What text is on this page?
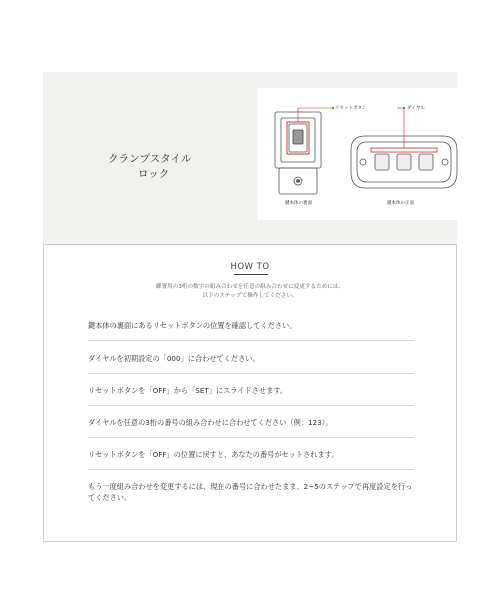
クランプスタイル
ロック
リセットボタン	ダイヤル
鍵本体の裏面	鍵本体の正面
HOW TO
御署用の3桁の数字の組み合わせを任意の組み合わせに変更するためには、
以下のステップで操作してください。
鍵本体の裏面にあるリセットボタンの位置を確認してください。
ダイヤルを初期設定の「000」に合わせてください。
リセットボタンを「OFF」から「SET」にスライドさせます。
ダイヤルを任意の3桁の番号の組み合わせに合わせてください（例：123）。
リセットボタンを「OFF」の位置に戻すと、あなたの番号がセットされます。
もう一度組み合わせを変更するには、現在の番号に合わせたまま、2~5のステップで再度設定を行ってください。
